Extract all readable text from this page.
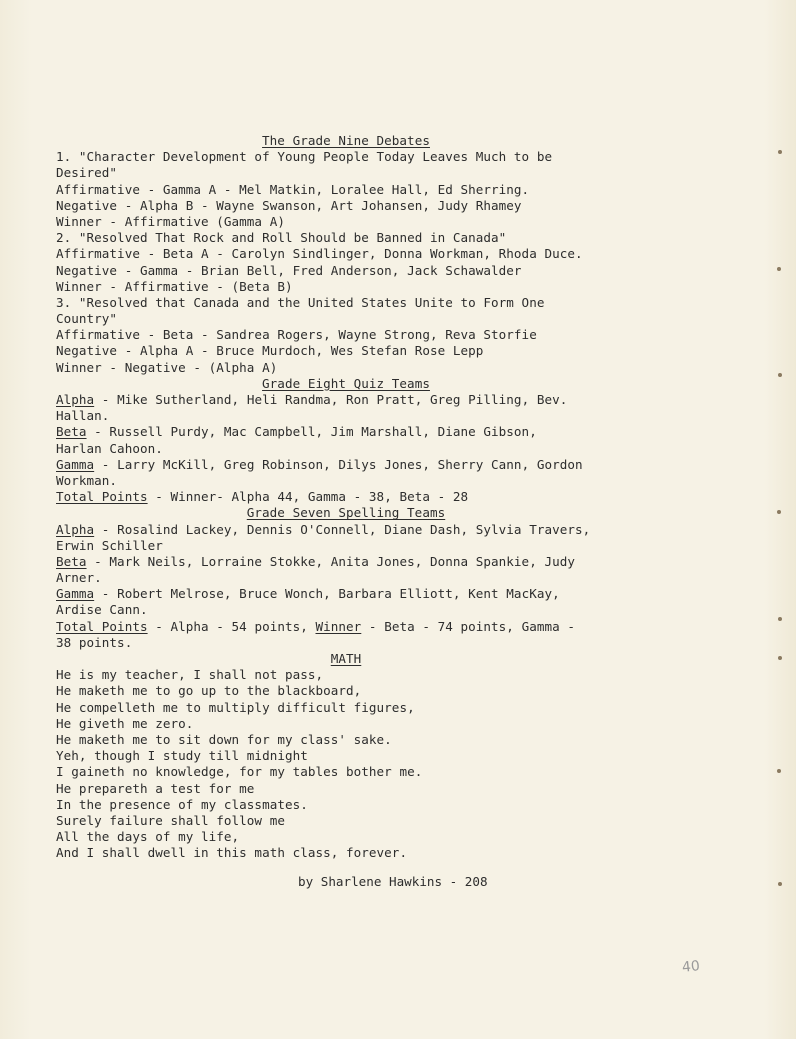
The Grade Nine Debates
1. "Character Development of Young People Today Leaves Much to be
Desired"
Affirmative - Gamma A - Mel Matkin, Loralee Hall, Ed Sherring.
Negative - Alpha B - Wayne Swanson, Art Johansen, Judy Rhamey
Winner - Affirmative (Gamma A)
2. "Resolved That Rock and Roll Should be Banned in Canada"
Affirmative - Beta A - Carolyn Sindlinger, Donna Workman, Rhoda Duce.
Negative - Gamma - Brian Bell, Fred Anderson, Jack Schawalder
Winner - Affirmative - (Beta B)
3. "Resolved that Canada and the United States Unite to Form One
Country"
Affirmative - Beta - Sandrea Rogers, Wayne Strong, Reva Storfie
Negative - Alpha A - Bruce Murdoch, Wes Stefan Rose Lepp
Winner - Negative - (Alpha A)
Grade Eight Quiz Teams
Alpha - Mike Sutherland, Heli Randma, Ron Pratt, Greg Pilling, Bev.
Hallan.
Beta - Russell Purdy, Mac Campbell, Jim Marshall, Diane Gibson,
Harlan Cahoon.
Gamma - Larry McKill, Greg Robinson, Dilys Jones, Sherry Cann, Gordon
Workman.
Total Points - Winner- Alpha 44, Gamma - 38, Beta - 28
Grade Seven Spelling Teams
Alpha - Rosalind Lackey, Dennis O'Connell, Diane Dash, Sylvia Travers,
Erwin Schiller
Beta - Mark Neils, Lorraine Stokke, Anita Jones, Donna Spankie, Judy
Arner.
Gamma - Robert Melrose, Bruce Wonch, Barbara Elliott, Kent MacKay,
Ardise Cann.
Total Points - Alpha - 54 points, Winner - Beta - 74 points, Gamma -
38 points.
MATH
He is my teacher, I shall not pass,
He maketh me to go up to the blackboard,
He compelleth me to multiply difficult figures,
He giveth me zero.
He maketh me to sit down for my class' sake.
Yeh, though I study till midnight
I gaineth no knowledge, for my tables bother me.
He prepareth a test for me
In the presence of my classmates.
Surely failure shall follow me
All the days of my life,
And I shall dwell in this math class, forever.
by Sharlene Hawkins - 208
40
